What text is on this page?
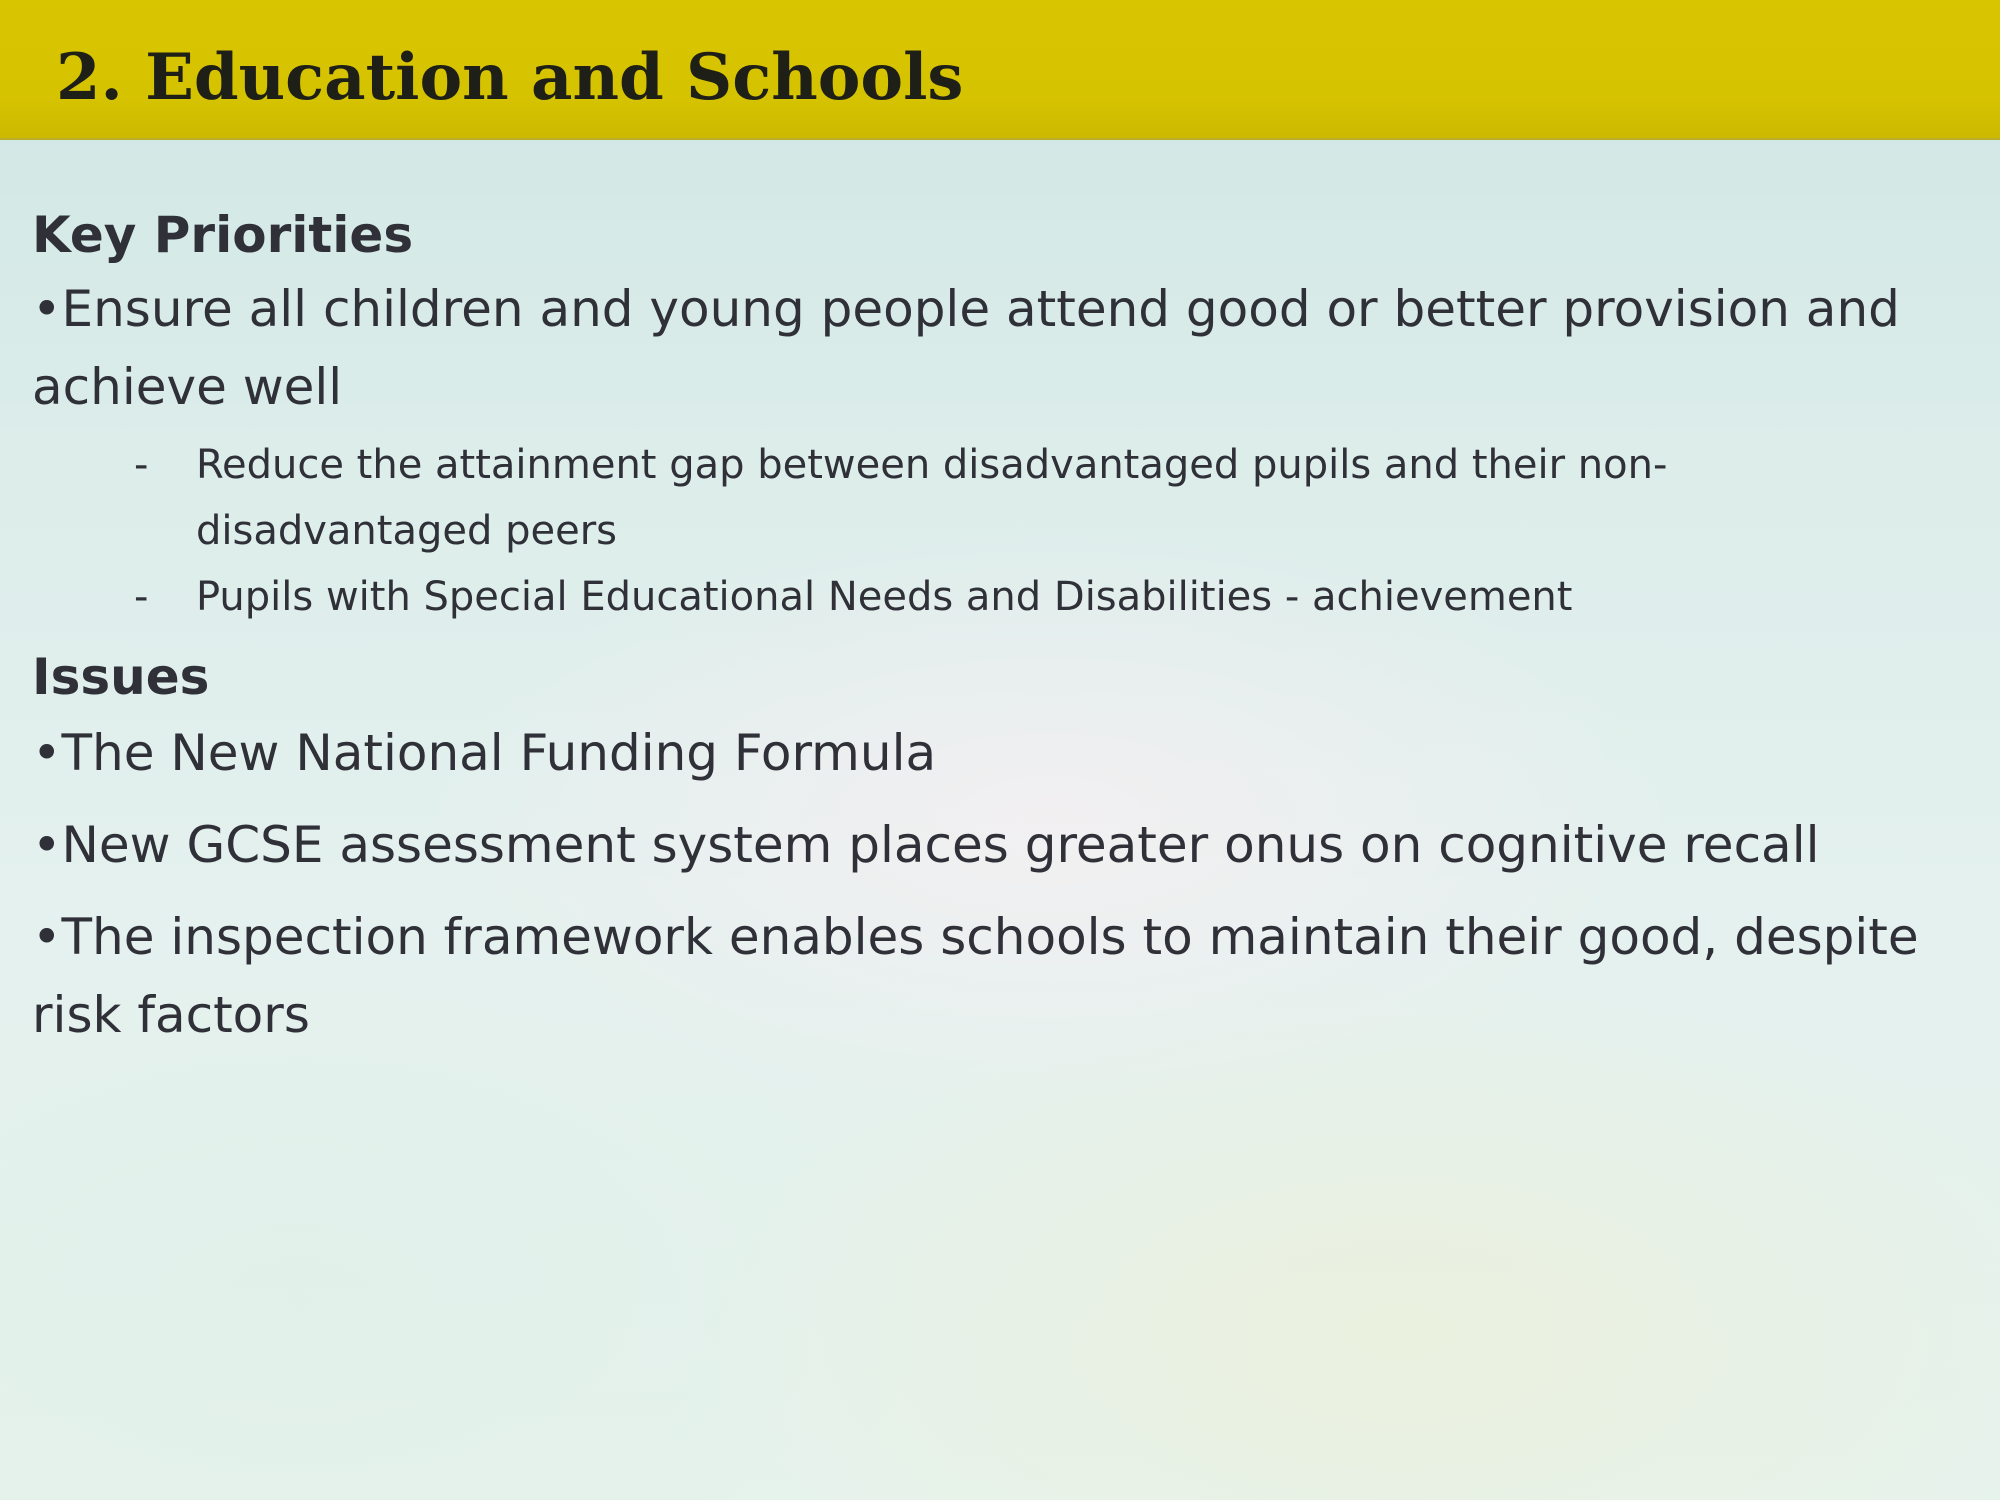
2. Education and Schools
Key Priorities

•Ensure all children and young people attend good or better provision and achieve well

- Reduce the attainment gap between disadvantaged pupils and their non-disadvantaged peers
- Pupils with Special Educational Needs and Disabilities - achievement
Issues

•The New National Funding Formula

•New GCSE assessment system places greater onus on cognitive recall

•The inspection framework enables schools to maintain their good, despite risk factors
